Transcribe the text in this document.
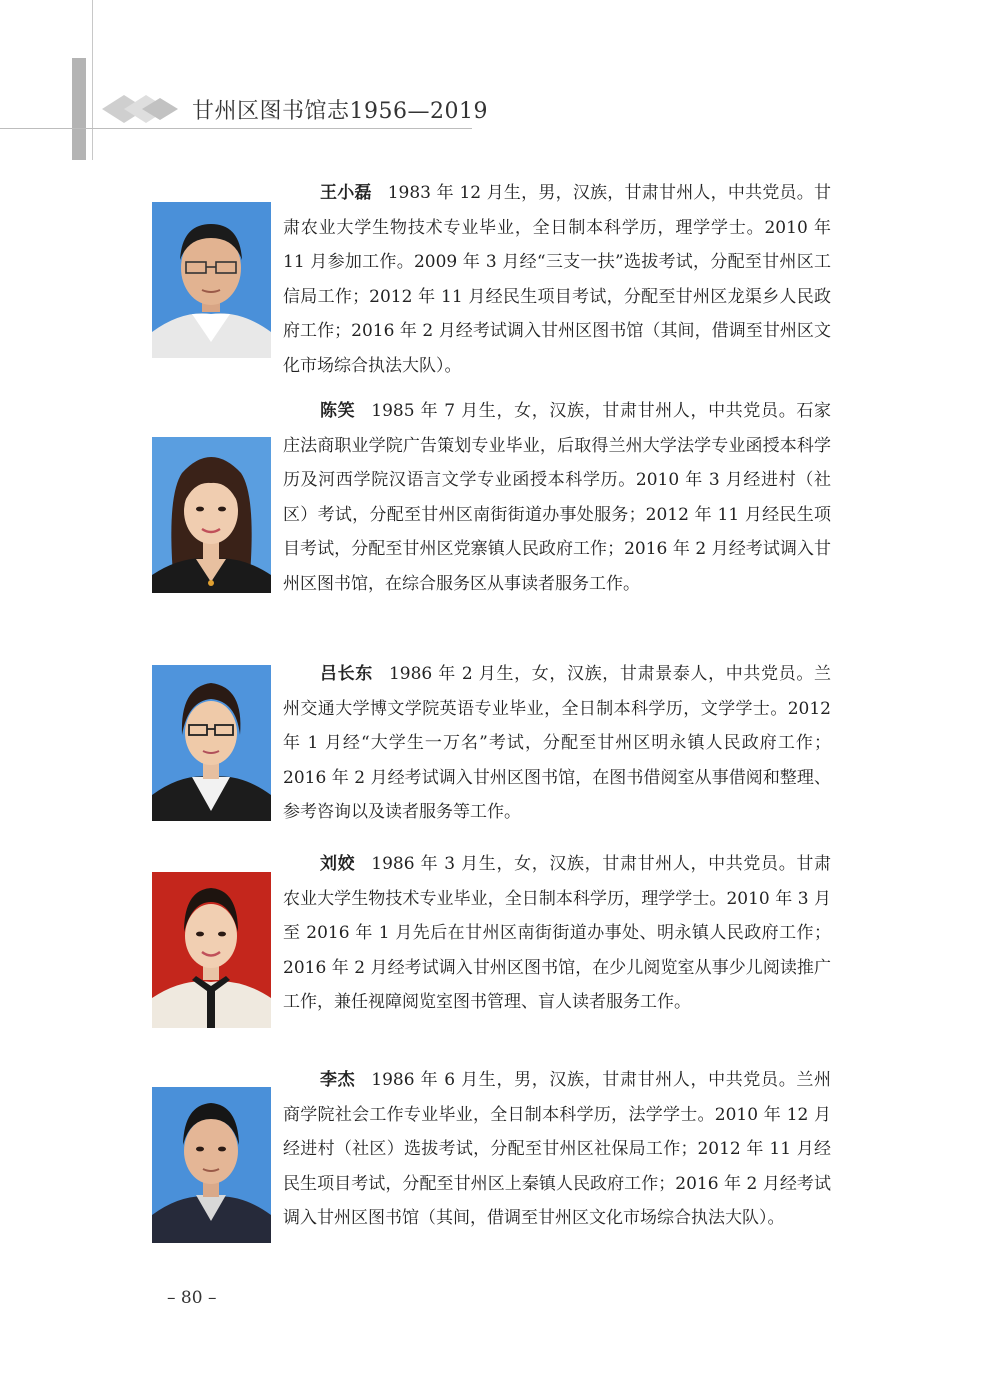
甘州区图书馆志1956—2019

王小磊 1983 年 12 月生，男，汉族，甘肃甘州人，中共党员。甘肃农业大学生物技术专业毕业，全日制本科学历，理学学士。2010 年 11 月参加工作。2009 年 3 月经“三支一扶”选拔考试，分配至甘州区工信局工作；2012 年 11 月经民生项目考试，分配至甘州区龙渠乡人民政府工作；2016 年 2 月经考试调入甘州区图书馆（其间，借调至甘州区文化市场综合执法大队）。

陈笑 1985 年 7 月生，女，汉族，甘肃甘州人，中共党员。石家庄法商职业学院广告策划专业毕业，后取得兰州大学法学专业函授本科学历及河西学院汉语言文学专业函授本科学历。2010 年 3 月经进村（社区）考试，分配至甘州区南街街道办事处服务；2012 年 11 月经民生项目考试，分配至甘州区党寨镇人民政府工作；2016 年 2 月经考试调入甘州区图书馆，在综合服务区从事读者服务工作。

吕长东 1986 年 2 月生，女，汉族，甘肃景泰人，中共党员。兰州交通大学博文学院英语专业毕业，全日制本科学历，文学学士。2012 年 1 月经“大学生一万名”考试，分配至甘州区明永镇人民政府工作；2016 年 2 月经考试调入甘州区图书馆，在图书借阅室从事借阅和整理、参考咨询以及读者服务等工作。

刘姣 1986 年 3 月生，女，汉族，甘肃甘州人，中共党员。甘肃农业大学生物技术专业毕业，全日制本科学历，理学学士。2010 年 3 月至 2016 年 1 月先后在甘州区南街街道办事处、明永镇人民政府工作；2016 年 2 月经考试调入甘州区图书馆，在少儿阅览室从事少儿阅读推广工作，兼任视障阅览室图书管理、盲人读者服务工作。

李杰 1986 年 6 月生，男，汉族，甘肃甘州人，中共党员。兰州商学院社会工作专业毕业，全日制本科学历，法学学士。2010 年 12 月经进村（社区）选拔考试，分配至甘州区社保局工作；2012 年 11 月经民生项目考试，分配至甘州区上秦镇人民政府工作；2016 年 2 月经考试调入甘州区图书馆（其间，借调至甘州区文化市场综合执法大队）。

– 80 –
